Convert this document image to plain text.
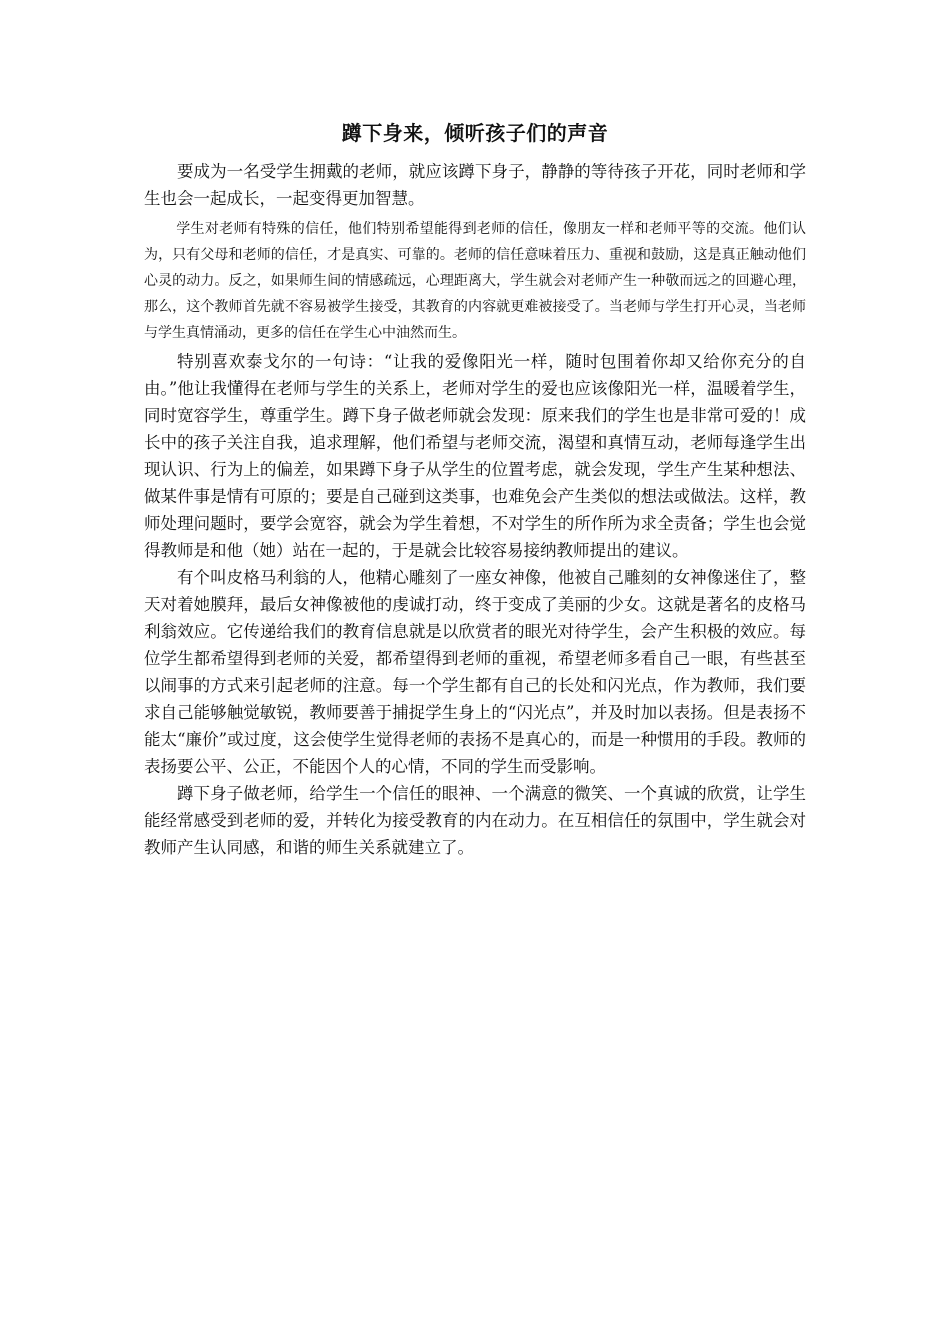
蹲下身来，倾听孩子们的声音

要成为一名受学生拥戴的老师，就应该蹲下身子，静静的等待孩子开花，同时老师和学生也会一起成长，一起变得更加智慧。

学生对老师有特殊的信任，他们特别希望能得到老师的信任，像朋友一样和老师平等的交流。他们认为，只有父母和老师的信任，才是真实、可靠的。老师的信任意味着压力、重视和鼓励，这是真正触动他们心灵的动力。反之，如果师生间的情感疏远，心理距离大，学生就会对老师产生一种敬而远之的回避心理，那么，这个教师首先就不容易被学生接受，其教育的内容就更难被接受了。当老师与学生打开心灵，当老师与学生真情涌动，更多的信任在学生心中油然而生。

特别喜欢泰戈尔的一句诗：“让我的爱像阳光一样，随时包围着你却又给你充分的自由。”他让我懂得在老师与学生的关系上，老师对学生的爱也应该像阳光一样，温暖着学生，同时宽容学生，尊重学生。蹲下身子做老师就会发现：原来我们的学生也是非常可爱的！成长中的孩子关注自我，追求理解，他们希望与老师交流，渴望和真情互动，老师每逢学生出现认识、行为上的偏差，如果蹲下身子从学生的位置考虑，就会发现，学生产生某种想法、做某件事是情有可原的；要是自己碰到这类事，也难免会产生类似的想法或做法。这样，教师处理问题时，要学会宽容，就会为学生着想，不对学生的所作所为求全责备；学生也会觉得教师是和他（她）站在一起的，于是就会比较容易接纳教师提出的建议。

有个叫皮格马利翁的人，他精心雕刻了一座女神像，他被自己雕刻的女神像迷住了，整天对着她膜拜，最后女神像被他的虔诚打动，终于变成了美丽的少女。这就是著名的皮格马利翁效应。它传递给我们的教育信息就是以欣赏者的眼光对待学生，会产生积极的效应。每位学生都希望得到老师的关爱，都希望得到老师的重视，希望老师多看自己一眼，有些甚至以闹事的方式来引起老师的注意。每一个学生都有自己的长处和闪光点，作为教师，我们要求自己能够触觉敏锐，教师要善于捕捉学生身上的“闪光点”，并及时加以表扬。但是表扬不能太“廉价”或过度，这会使学生觉得老师的表扬不是真心的，而是一种惯用的手段。教师的表扬要公平、公正，不能因个人的心情，不同的学生而受影响。

蹲下身子做老师，给学生一个信任的眼神、一个满意的微笑、一个真诚的欣赏，让学生能经常感受到老师的爱，并转化为接受教育的内在动力。在互相信任的氛围中，学生就会对教师产生认同感，和谐的师生关系就建立了。
